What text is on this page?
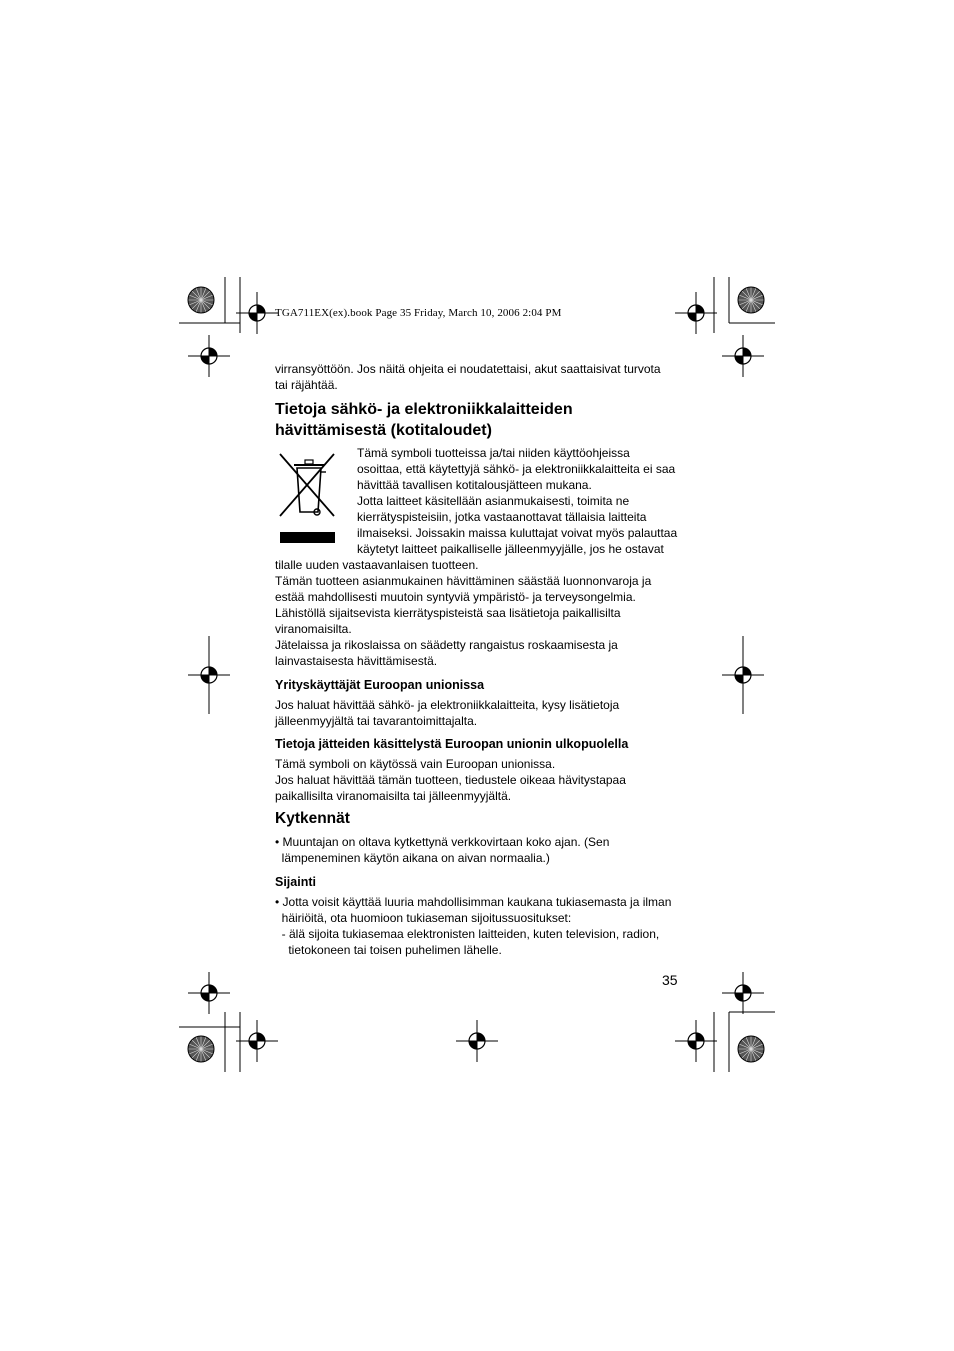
TGA711EX(ex).book Page 35 Friday, March 10, 2006 2:04 PM
virransyöttöön. Jos näitä ohjeita ei noudatettaisi, akut saattaisivat turvota
tai räjähtää.
Tietoja sähkö- ja elektroniikkalaitteiden
hävittämisestä (kotitaloudet)
Tämä symboli tuotteissa ja/tai niiden käyttöohjeissa
osoittaa, että käytettyjä sähkö- ja elektroniikkalaitteita ei saa
hävittää tavallisen kotitalousjätteen mukana.
Jotta laitteet käsitellään asianmukaisesti, toimita ne
kierrätyspisteisiin, jotka vastaanottavat tällaisia laitteita
ilmaiseksi. Joissakin maissa kuluttajat voivat myös palauttaa
käytetyt laitteet paikalliselle jälleenmyyjälle, jos he ostavat
tilalle uuden vastaavanlaisen tuotteen.
Tämän tuotteen asianmukainen hävittäminen säästää luonnonvaroja ja
estää mahdollisesti muutoin syntyviä ympäristö- ja terveysongelmia.
Lähistöllä sijaitsevista kierrätyspisteistä saa lisätietoja paikallisilta
viranomaisilta.
Jätelaissa ja rikoslaissa on säädetty rangaistus roskaamisesta ja
lainvastaisesta hävittämisestä.
Yrityskäyttäjät Euroopan unionissa
Jos haluat hävittää sähkö- ja elektroniikkalaitteita, kysy lisätietoja
jälleenmyyjältä tai tavarantoimittajalta.
Tietoja jätteiden käsittelystä Euroopan unionin ulkopuolella
Tämä symboli on käytössä vain Euroopan unionissa.
Jos haluat hävittää tämän tuotteen, tiedustele oikeaa hävitystapaa
paikallisilta viranomaisilta tai jälleenmyyjältä.
Kytkennät
• Muuntajan on oltava kytkettynä verkkovirtaan koko ajan. (Sen
lämpeneminen käytön aikana on aivan normaalia.)
Sijainti
• Jotta voisit käyttää luuria mahdollisimman kaukana tukiasemasta ja ilman
häiriöitä, ota huomioon tukiaseman sijoitussuositukset:
- älä sijoita tukiasemaa elektronisten laitteiden, kuten television, radion,
tietokoneen tai toisen puhelimen lähelle.
35
